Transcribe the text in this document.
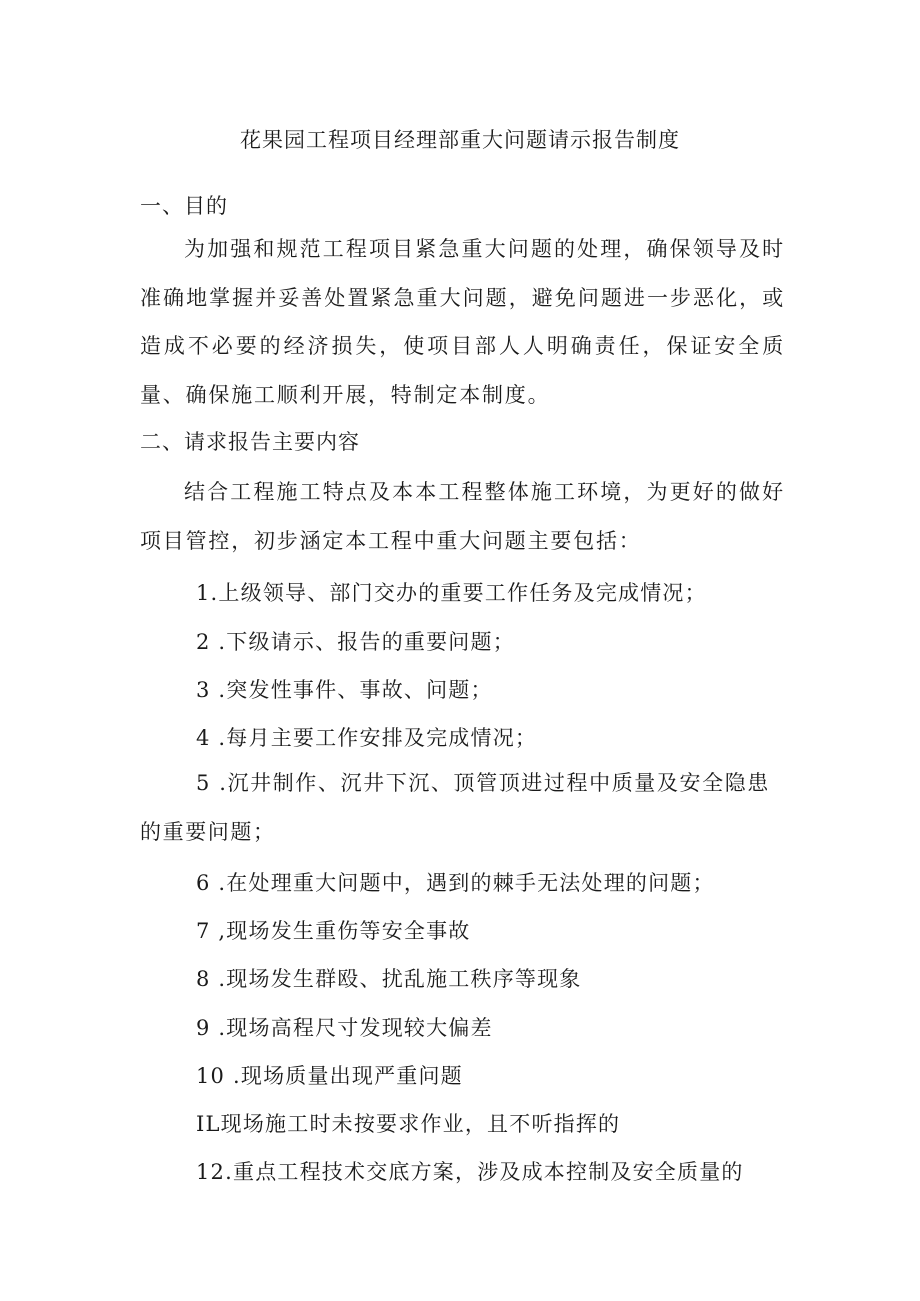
花果园工程项目经理部重大问题请示报告制度
一、目的
为加强和规范工程项目紧急重大问题的处理，确保领导及时准确地掌握并妥善处置紧急重大问题，避免问题进一步恶化，或造成不必要的经济损失，使项目部人人明确责任，保证安全质量、确保施工顺利开展，特制定本制度。
二、请求报告主要内容
结合工程施工特点及本本工程整体施工环境，为更好的做好项目管控，初步涵定本工程中重大问题主要包括：
1.上级领导、部门交办的重要工作任务及完成情况；
2 .下级请示、报告的重要问题；
3 .突发性事件、事故、问题；
4 .每月主要工作安排及完成情况；
5 .沉井制作、沉井下沉、顶管顶进过程中质量及安全隐患的重要问题；
6 .在处理重大问题中，遇到的棘手无法处理的问题；
7 ,现场发生重伤等安全事故
8 .现场发生群殴、扰乱施工秩序等现象
9 .现场高程尺寸发现较大偏差
10 .现场质量出现严重问题
IL现场施工时未按要求作业，且不听指挥的
12.重点工程技术交底方案，涉及成本控制及安全质量的
